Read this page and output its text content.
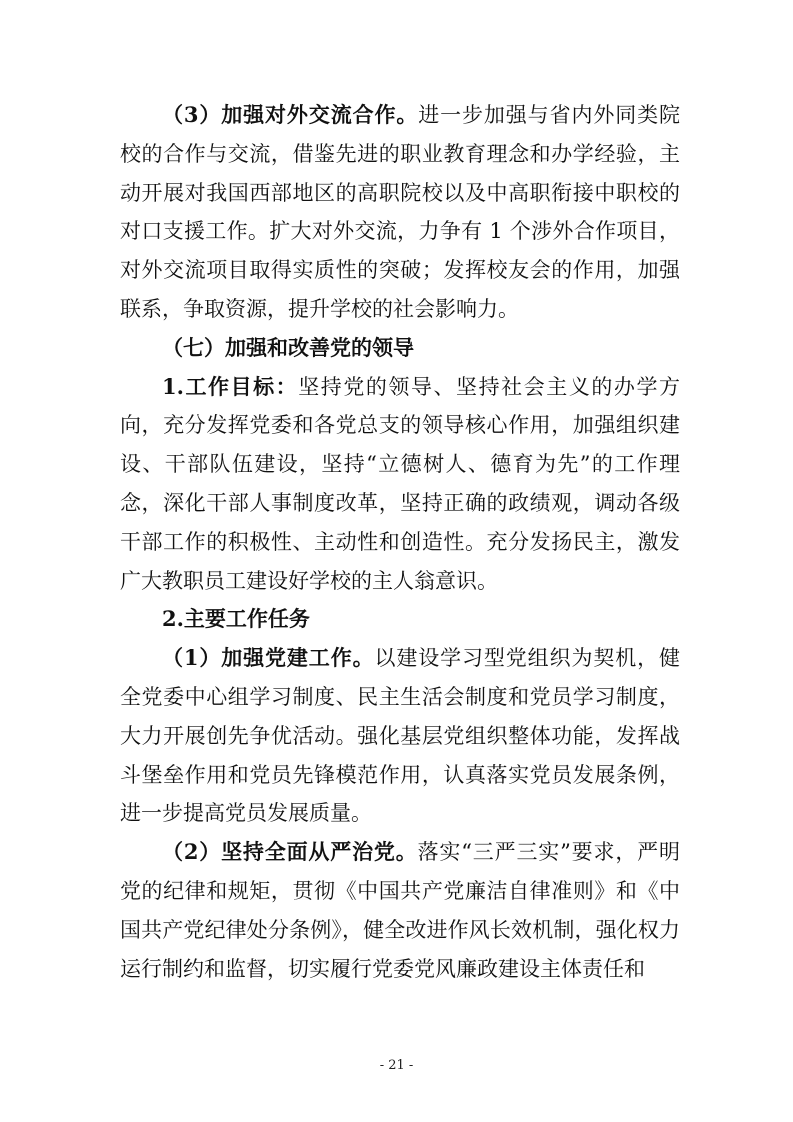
（3）加强对外交流合作。进一步加强与省内外同类院校的合作与交流，借鉴先进的职业教育理念和办学经验，主动开展对我国西部地区的高职院校以及中高职衔接中职校的对口支援工作。扩大对外交流，力争有 1 个涉外合作项目，对外交流项目取得实质性的突破；发挥校友会的作用，加强联系，争取资源，提升学校的社会影响力。

（七）加强和改善党的领导

1.工作目标：坚持党的领导、坚持社会主义的办学方向，充分发挥党委和各党总支的领导核心作用，加强组织建设、干部队伍建设，坚持“立德树人、德育为先”的工作理念，深化干部人事制度改革，坚持正确的政绩观，调动各级干部工作的积极性、主动性和创造性。充分发扬民主，激发广大教职员工建设好学校的主人翁意识。

2.主要工作任务

（1）加强党建工作。以建设学习型党组织为契机，健全党委中心组学习制度、民主生活会制度和党员学习制度，大力开展创先争优活动。强化基层党组织整体功能，发挥战斗堡垒作用和党员先锋模范作用，认真落实党员发展条例，进一步提高党员发展质量。

（2）坚持全面从严治党。落实“三严三实”要求，严明党的纪律和规矩，贯彻《中国共产党廉洁自律准则》和《中国共产党纪律处分条例》，健全改进作风长效机制，强化权力运行制约和监督，切实履行党委党风廉政建设主体责任和

- 21 -
